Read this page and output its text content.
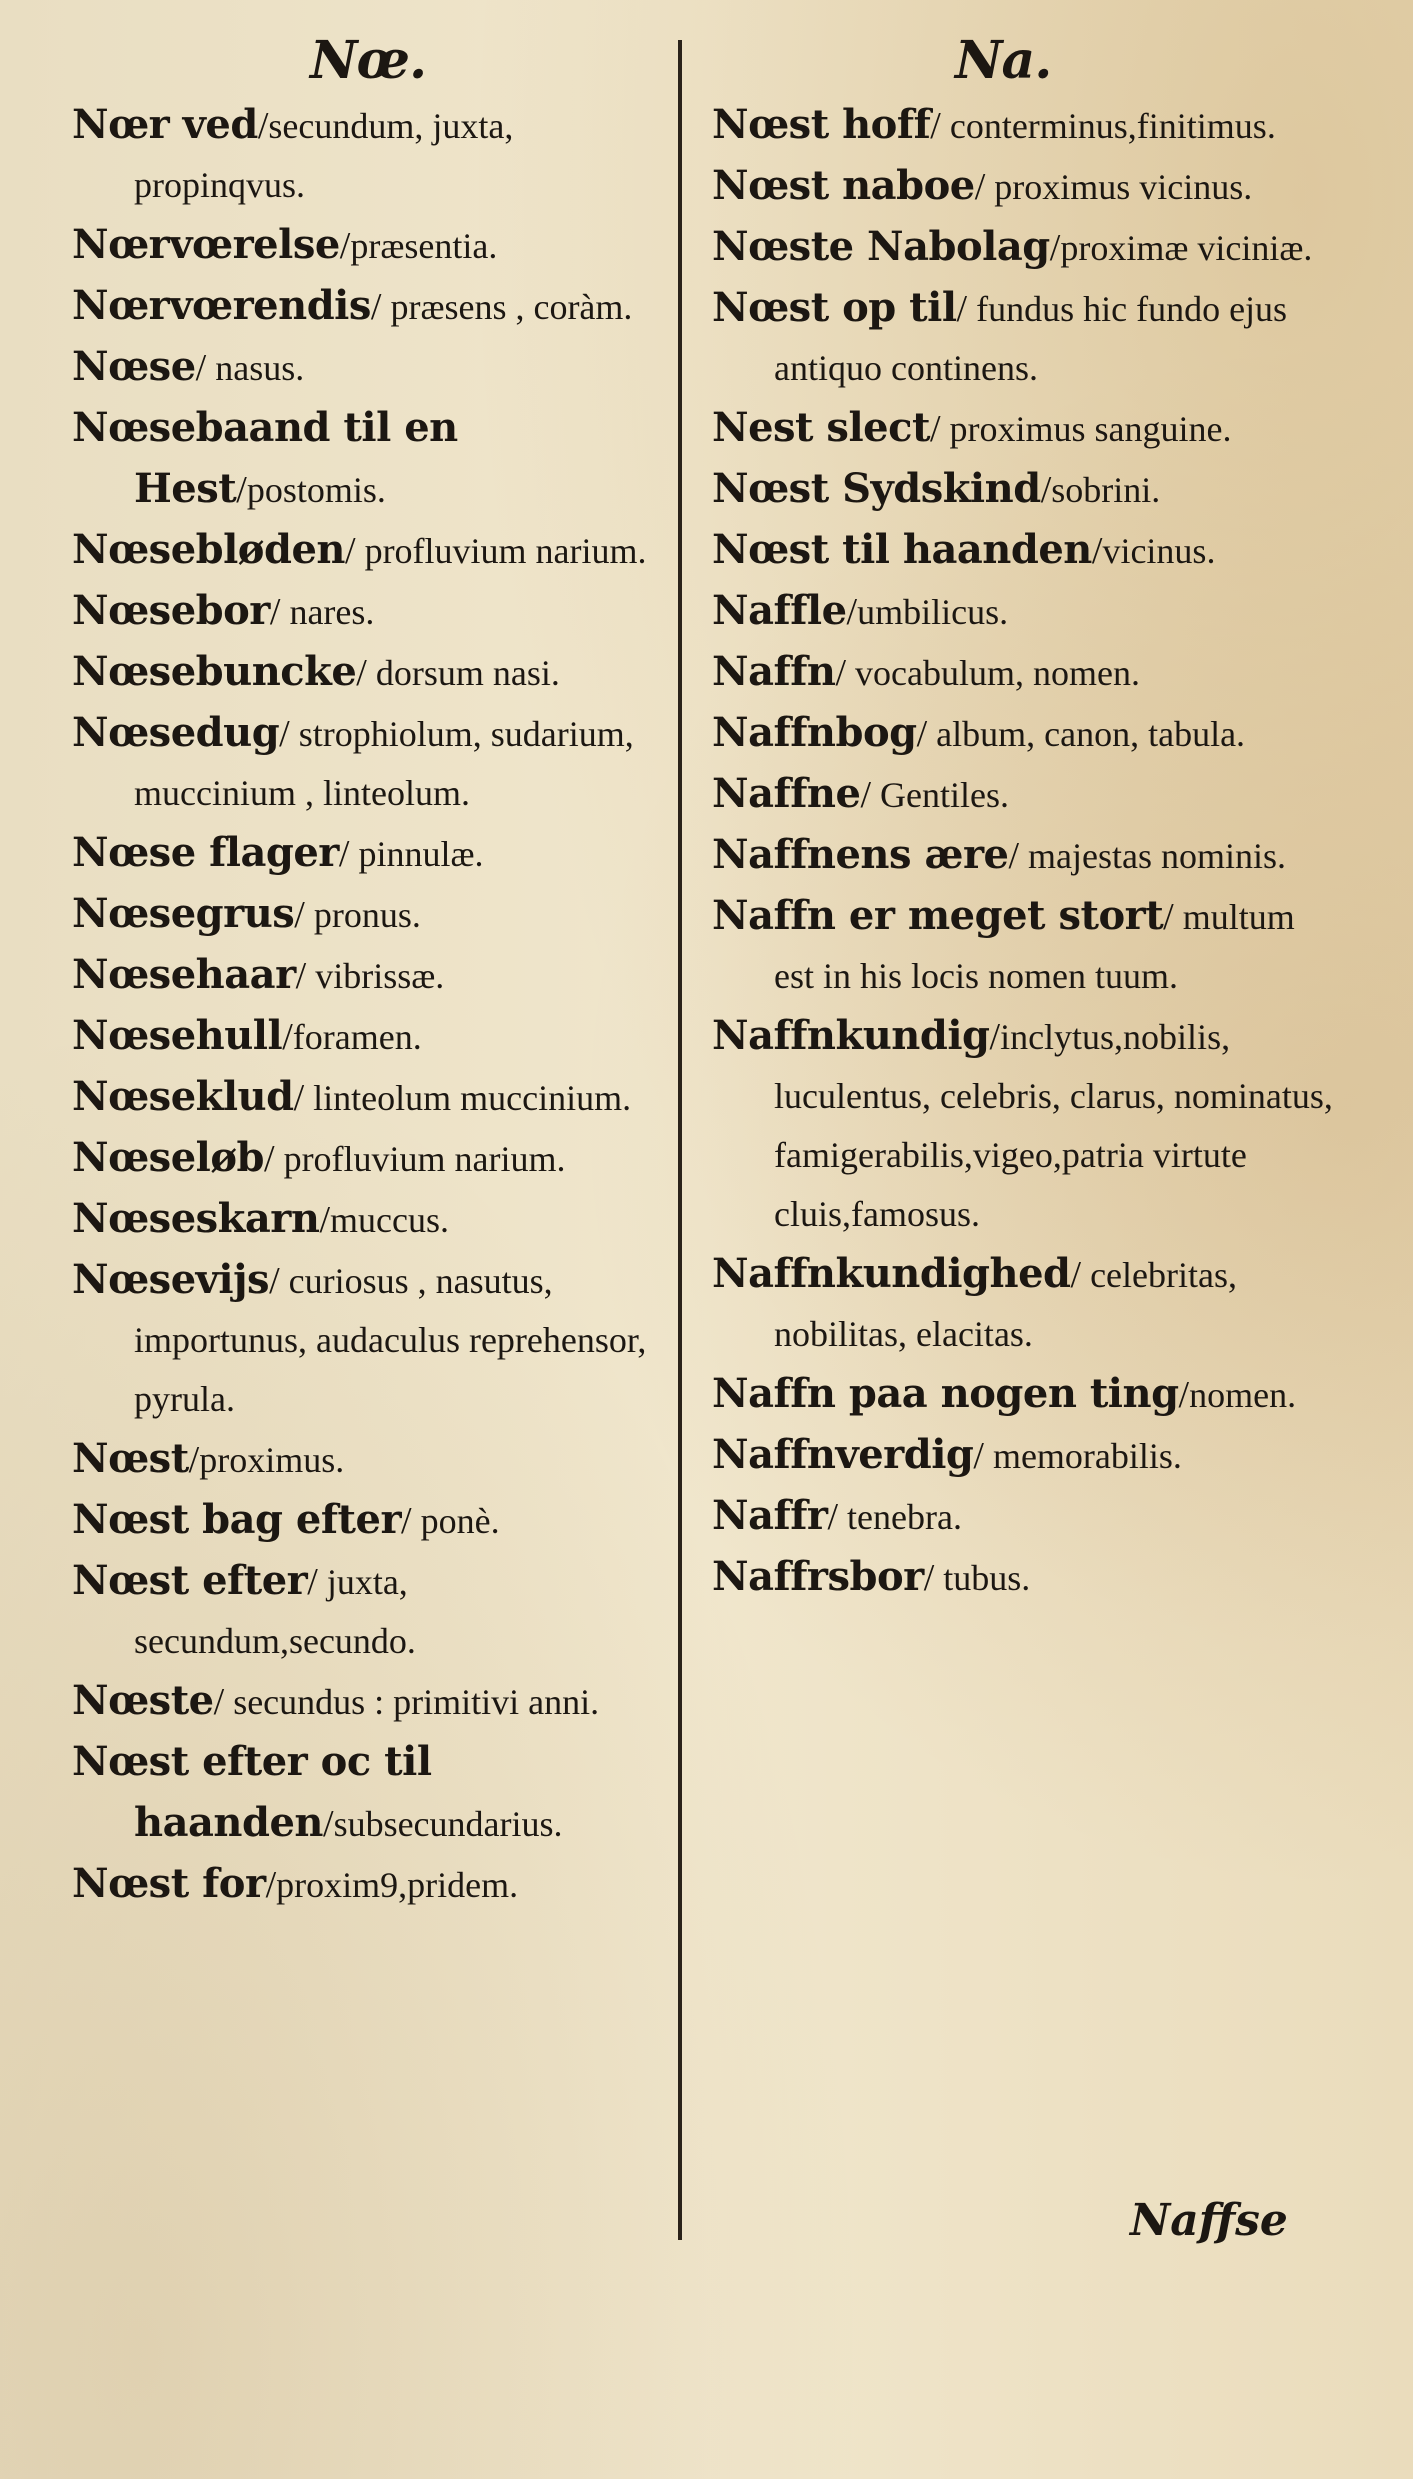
Nœ.	Na.

Nœr ved/secundum, juxta, propinqvus.

Nœrvœrelse/præsentia.

Nœrvœrendis/ præsens , coràm.

Nœse/ nasus.

Nœsebaand til en Hest/postomis.

Nœsebløden/ profluvium narium.

Nœsebor/ nares.

Nœsebuncke/ dorsum nasi.

Nœsedug/ strophiolum, sudarium, muccinium , linteolum.

Nœse flager/ pinnulæ.

Nœsegrus/ pronus.

Nœsehaar/ vibrissæ.

Nœsehull/foramen.

Nœseklud/ linteolum muccinium.

Nœseløb/ profluvium narium.

Nœseskarn/muccus.

Nœsevijs/ curiosus , nasutus, importunus, audaculus reprehensor, pyrula.

Nœst/proximus.

Nœst bag efter/ ponè.

Nœst efter/ juxta, secundum,secundo.

Nœste/ secundus : primitivi anni.

Nœst efter oc til haanden/subsecundarius.

Nœst for/proxim9,pridem.

Nœst hoff/ conterminus,finitimus.

Nœst naboe/ proximus vicinus.

Nœste Nabolag/proximæ viciniæ.

Nœst op til/ fundus hic fundo ejus antiquo continens.

Nest slect/ proximus sanguine.

Nœst Sydskind/sobrini.

Nœst til haanden/vicinus.

Naffle/umbilicus.

Naffn/ vocabulum, nomen.

Naffnbog/ album, canon, tabula.

Naffne/ Gentiles.

Naffnens ære/ majestas nominis.

Naffn er meget stort/ multum est in his locis nomen tuum.

Naffnkundig/inclytus,nobilis, luculentus, celebris, clarus, nominatus, famigerabilis,vigeo,patria virtute cluis,famosus.

Naffnkundighed/ celebritas, nobilitas, elacitas.

Naffn paa nogen ting/nomen.

Naffnverdig/ memorabilis.

Naffr/ tenebra.

Naffrsbor/ tubus.

Naffse
